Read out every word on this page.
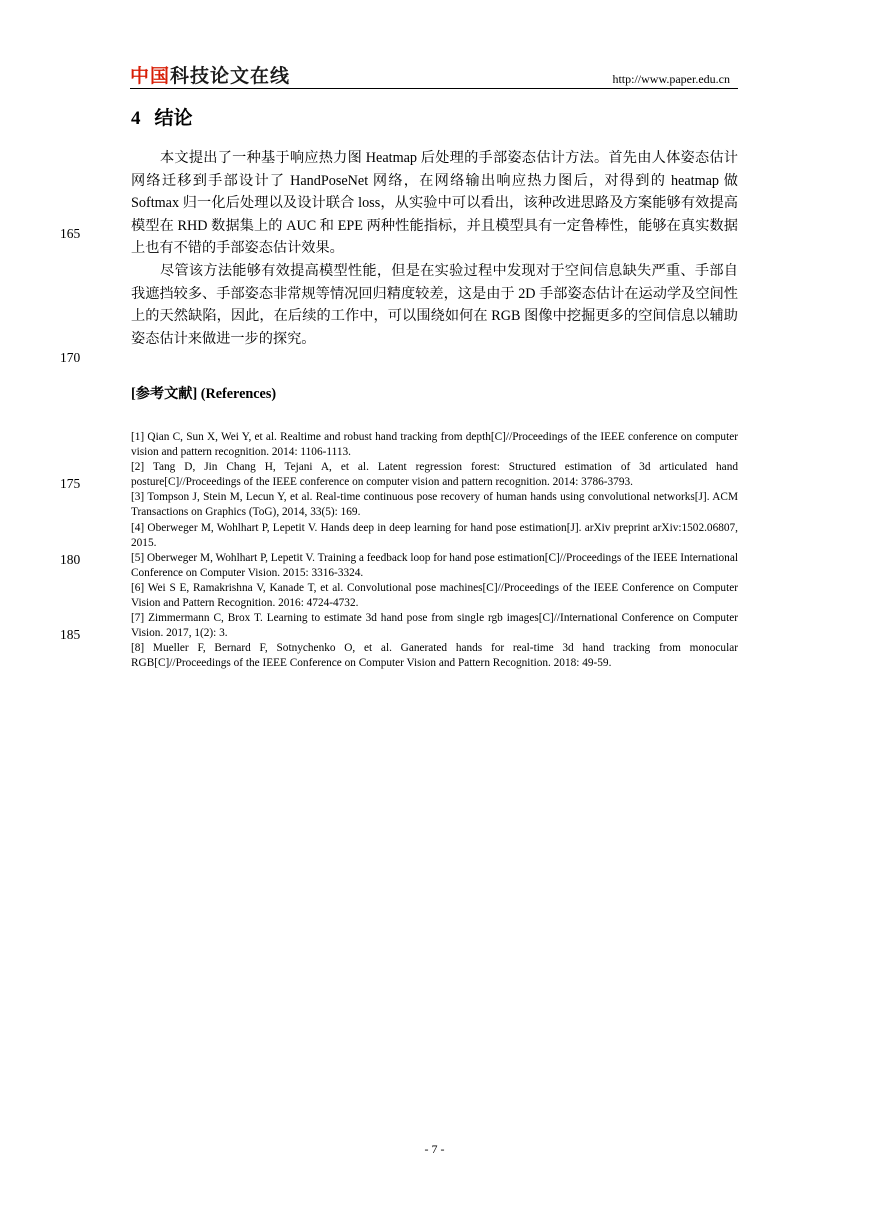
中国科技论文在线	http://www.paper.edu.cn
4 结论

本文提出了一种基于响应热力图 Heatmap 后处理的手部姿态估计方法。首先由人体姿态估计网络迁移到手部设计了 HandPoseNet 网络，在网络输出响应热力图后，对得到的 heatmap 做 Softmax 归一化后处理以及设计联合 loss，从实验中可以看出，该种改进思路及方案能够有效提高模型在 RHD 数据集上的 AUC 和 EPE 两种性能指标，并且模型具有一定鲁棒性，能够在真实数据上也有不错的手部姿态估计效果。

尽管该方法能够有效提高模型性能，但是在实验过程中发现对于空间信息缺失严重、手部自我遮挡较多、手部姿态非常规等情况回归精度较差，这是由于 2D 手部姿态估计在运动学及空间性上的天然缺陷，因此，在后续的工作中，可以围绕如何在 RGB 图像中挖掘更多的空间信息以辅助姿态估计来做进一步的探究。

165
170
175
180
185
[参考文献] (References)

[1] Qian C, Sun X, Wei Y, et al. Realtime and robust hand tracking from depth[C]//Proceedings of the IEEE conference on computer vision and pattern recognition. 2014: 1106-1113.

[2] Tang D, Jin Chang H, Tejani A, et al. Latent regression forest: Structured estimation of 3d articulated hand posture[C]//Proceedings of the IEEE conference on computer vision and pattern recognition. 2014: 3786-3793.

[3] Tompson J, Stein M, Lecun Y, et al. Real-time continuous pose recovery of human hands using convolutional networks[J]. ACM Transactions on Graphics (ToG), 2014, 33(5): 169.

[4] Oberweger M, Wohlhart P, Lepetit V. Hands deep in deep learning for hand pose estimation[J]. arXiv preprint arXiv:1502.06807, 2015.

[5] Oberweger M, Wohlhart P, Lepetit V. Training a feedback loop for hand pose estimation[C]//Proceedings of the IEEE International Conference on Computer Vision. 2015: 3316-3324.

[6] Wei S E, Ramakrishna V, Kanade T, et al. Convolutional pose machines[C]//Proceedings of the IEEE Conference on Computer Vision and Pattern Recognition. 2016: 4724-4732.

[7] Zimmermann C, Brox T. Learning to estimate 3d hand pose from single rgb images[C]//International Conference on Computer Vision. 2017, 1(2): 3.

[8] Mueller F, Bernard F, Sotnychenko O, et al. Ganerated hands for real-time 3d hand tracking from monocular RGB[C]//Proceedings of the IEEE Conference on Computer Vision and Pattern Recognition. 2018: 49-59.

- 7 -
